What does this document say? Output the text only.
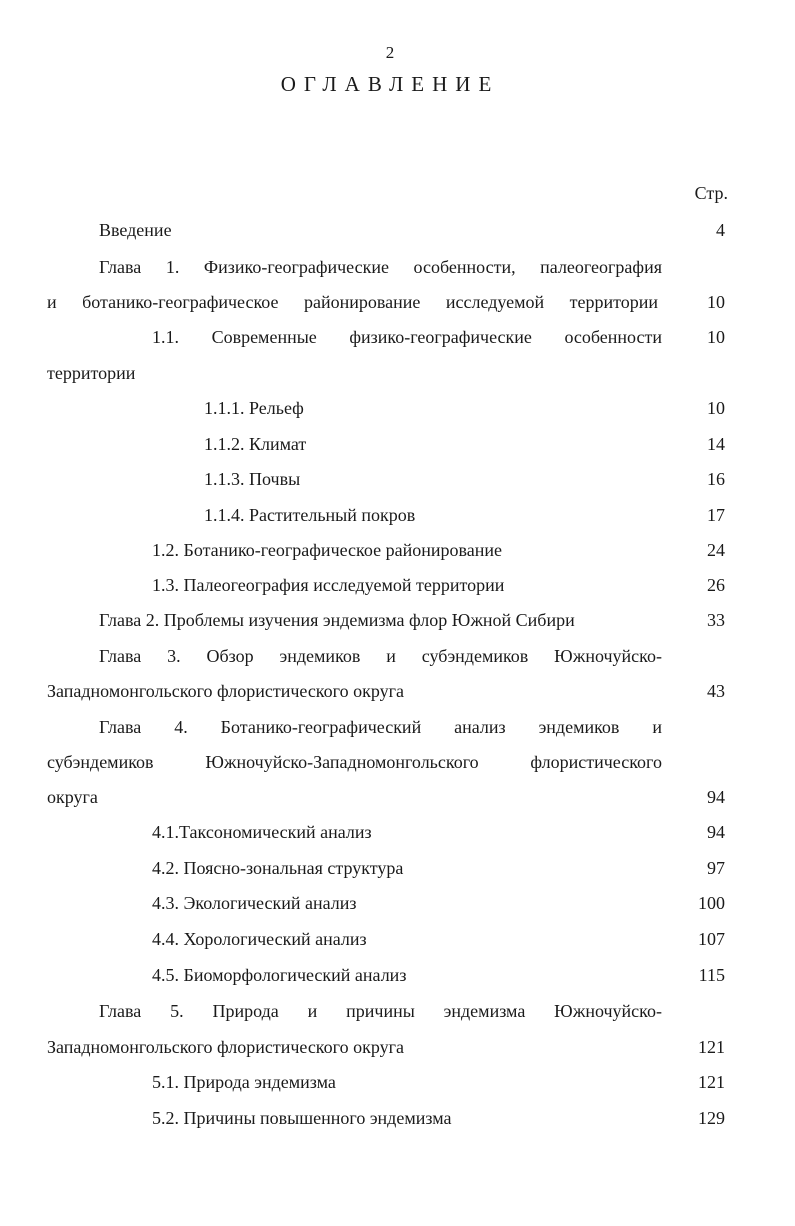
2
ОГЛАВЛЕНИЕ
Стр.
Введение	4
Глава 1. Физико-географические особенности, палеогеография
и ботанико-географическое районирование исследуемой территории	10
1.1. Современные физико-географические особенности	10
территории
1.1.1. Рельеф	10
1.1.2. Климат	14
1.1.3. Почвы	16
1.1.4. Растительный покров	17
1.2. Ботанико-географическое районирование	24
1.3. Палеогеография исследуемой территории	26
Глава 2. Проблемы изучения эндемизма флор Южной Сибири	33
Глава 3. Обзор эндемиков и субэндемиков Южночуйско-
Западномонгольского флористического округа	43
Глава 4. Ботанико-географический анализ эндемиков и
субэндемиков Южночуйско-Западномонгольского флористического
округа	94
4.1.Таксономический анализ	94
4.2. Поясно-зональная структура	97
4.3. Экологический анализ	100
4.4. Хорологический анализ	107
4.5. Биоморфологический анализ	115
Глава 5. Природа и причины эндемизма Южночуйско-
Западномонгольского флористического округа	121
5.1. Природа эндемизма	121
5.2. Причины повышенного эндемизма	129
